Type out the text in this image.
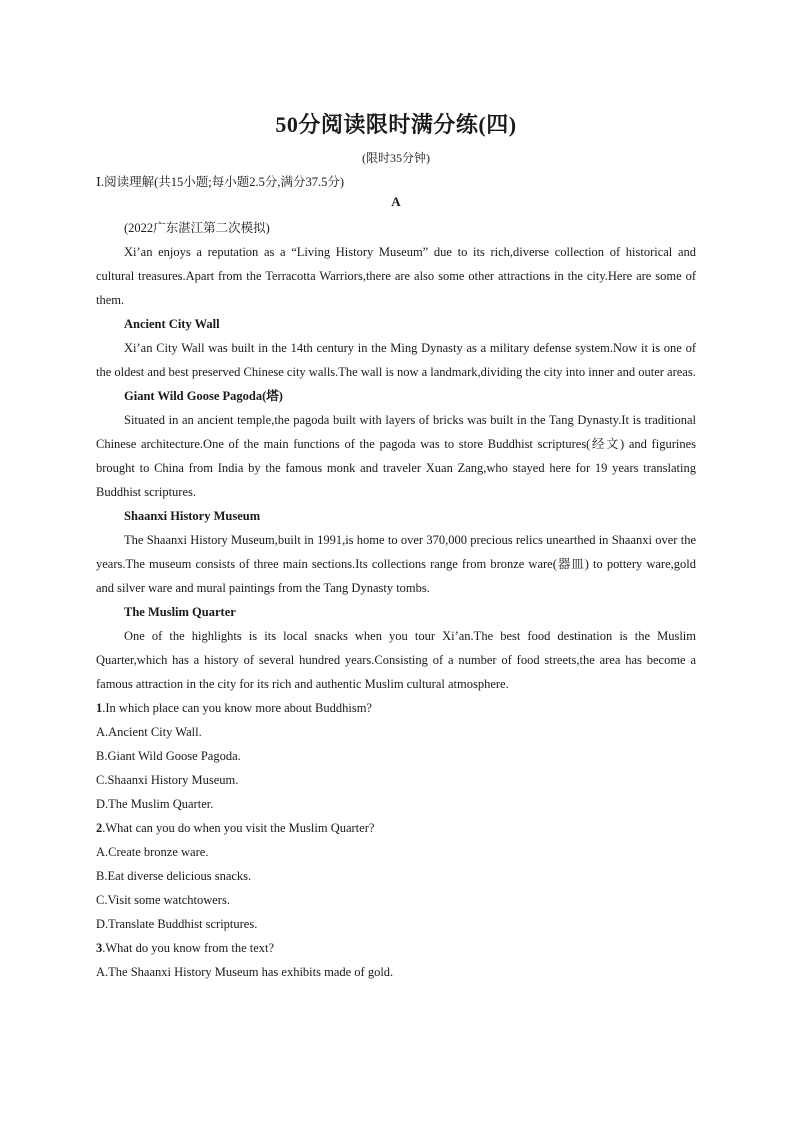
50分阅读限时满分练(四)
(限时35分钟)
Ⅰ.阅读理解(共15小题;每小题2.5分,满分37.5分)
A

(2022广东湛江第二次模拟)

Xi’an enjoys a reputation as a “Living History Museum” due to its rich,diverse collection of historical and cultural treasures.Apart from the Terracotta Warriors,there are also some other attractions in the city.Here are some of them.

Ancient City Wall

Xi’an City Wall was built in the 14th century in the Ming Dynasty as a military defense system.Now it is one of the oldest and best preserved Chinese city walls.The wall is now a landmark,dividing the city into inner and outer areas.

Giant Wild Goose Pagoda(塔)

Situated in an ancient temple,the pagoda built with layers of bricks was built in the Tang Dynasty.It is traditional Chinese architecture.One of the main functions of the pagoda was to store Buddhist scriptures(经文) and figurines brought to China from India by the famous monk and traveler Xuan Zang,who stayed here for 19 years translating Buddhist scriptures.

Shaanxi History Museum

The Shaanxi History Museum,built in 1991,is home to over 370,000 precious relics unearthed in Shaanxi over the years.The museum consists of three main sections.Its collections range from bronze ware(器皿) to pottery ware,gold and silver ware and mural paintings from the Tang Dynasty tombs.

The Muslim Quarter

One of the highlights is its local snacks when you tour Xi’an.The best food destination is the Muslim Quarter,which has a history of several hundred years.Consisting of a number of food streets,the area has become a famous attraction in the city for its rich and authentic Muslim cultural atmosphere.

1.In which place can you know more about Buddhism?
A.Ancient City Wall.
B.Giant Wild Goose Pagoda.
C.Shaanxi History Museum.
D.The Muslim Quarter.
2.What can you do when you visit the Muslim Quarter?
A.Create bronze ware.
B.Eat diverse delicious snacks.
C.Visit some watchtowers.
D.Translate Buddhist scriptures.
3.What do you know from the text?
A.The Shaanxi History Museum has exhibits made of gold.
